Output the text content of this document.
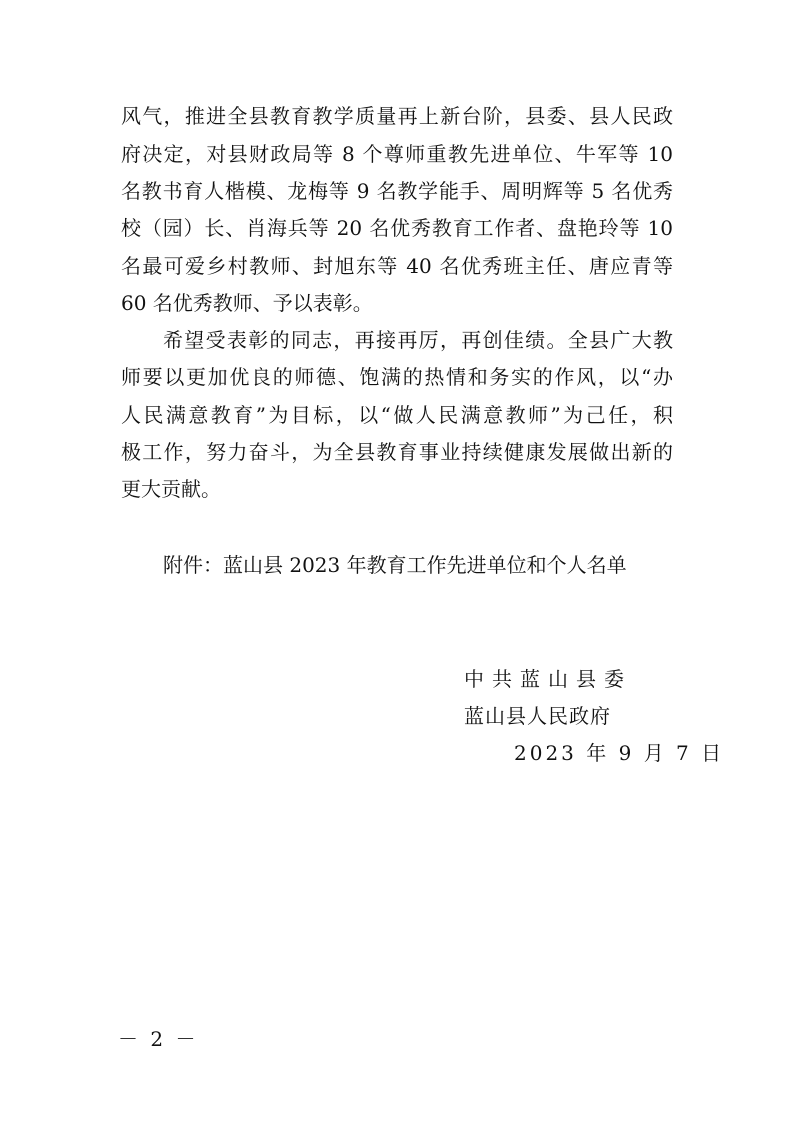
风气，推进全县教育教学质量再上新台阶，县委、县人民政
府决定，对县财政局等 8 个尊师重教先进单位、牛军等 10
名教书育人楷模、龙梅等 9 名教学能手、周明辉等 5 名优秀
校（园）长、肖海兵等 20 名优秀教育工作者、盘艳玲等 10
名最可爱乡村教师、封旭东等 40 名优秀班主任、唐应青等
60 名优秀教师、予以表彰。
希望受表彰的同志，再接再厉，再创佳绩。全县广大教
师要以更加优良的师德、饱满的热情和务实的作风，以“办
人民满意教育”为目标，以“做人民满意教师”为己任，积
极工作，努力奋斗，为全县教育事业持续健康发展做出新的
更大贡献。
附件：蓝山县 2023 年教育工作先进单位和个人名单
中共蓝山县委
蓝山县人民政府
2023 年 9 月 7 日
－ 2 －
